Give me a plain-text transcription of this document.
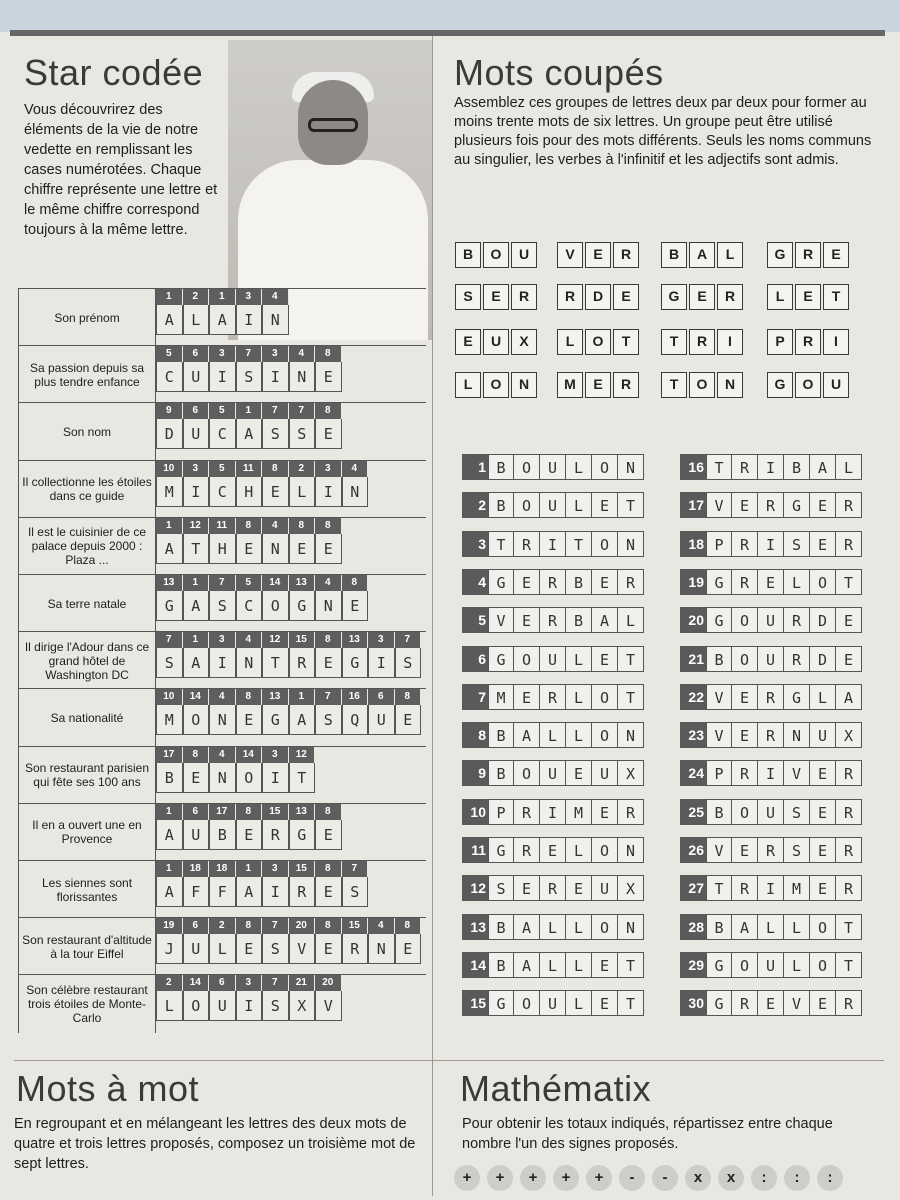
Star codée

Vous découvrirez des éléments de la vie de notre vedette en remplissant les cases numérotées. Chaque chiffre représente une lettre et le même chiffre correspond toujours à la même lettre.

Son prénom
1
A
2
L
1
A
3
I
4
N
Sa passion depuis sa plus tendre enfance
5
C
6
U
3
I
7
S
3
I
4
N
8
E
Son nom
9
D
6
U
5
C
1
A
7
S
7
S
8
E
Il collectionne les étoiles dans ce guide
10
M
3
I
5
C
11
H
8
E
2
L
3
I
4
N
Il est le cuisinier de ce palace depuis 2000 : Plaza ...
1
A
12
T
11
H
8
E
4
N
8
E
8
E
Sa terre natale
13
G
1
A
7
S
5
C
14
O
13
G
4
N
8
E
Il dirige l'Adour dans ce grand hôtel de Washington DC
7
S
1
A
3
I
4
N
12
T
15
R
8
E
13
G
3
I
7
S
Sa nationalité
10
M
14
O
4
N
8
E
13
G
1
A
7
S
16
Q
6
U
8
E
Son restaurant parisien qui fête ses 100 ans
17
B
8
E
4
N
14
O
3
I
12
T
Il en a ouvert une en Provence
1
A
6
U
17
B
8
E
15
R
13
G
8
E
Les siennes sont florissantes
1
A
18
F
18
F
1
A
3
I
15
R
8
E
7
S
Son restaurant d'altitude à la tour Eiffel
19
J
6
U
2
L
8
E
7
S
20
V
8
E
15
R
4
N
8
E
Son célèbre restaurant trois étoiles de Monte-Carlo
2
L
14
O
6
U
3
I
7
S
21
X
20
V
Mots coupés

Assemblez ces groupes de lettres deux par deux pour former au moins trente mots de six lettres. Un groupe peut être utilisé plusieurs fois pour des mots différents. Seuls les noms communs au singulier, les verbes à l'infinitif et les adjectifs sont admis.

B	O	U	V	E	R	B	A	L	G	R	E
S	E	R	R	D	E	G	E	R	L	E	T
E	U	X	L	O	T	T	R	I	P	R	I
L	O	N	M	E	R	T	O	N	G	O	U
1 B	O	U	L	O	N
2 B	O	U	L	E	T
3 T	R	I	T	O	N
4 G	E	R	B	E	R
5 V	E	R	B	A	L
6 G	O	U	L	E	T
7 M	E	R	L	O	T
8 B	A	L	L	O	N
9 B	O	U	E	U	X
10 P	R	I	M	E	R
11 G	R	E	L	O	N
12 S	E	R	E	U	X
13 B	A	L	L	O	N
14 B	A	L	L	E	T
15 G	O	U	L	E	T
16 T	R	I	B	A	L
17 V	E	R	G	E	R
18 P	R	I	S	E	R
19 G	R	E	L	O	T
20 G	O	U	R	D	E
21 B	O	U	R	D	E
22 V	E	R	G	L	A
23 V	E	R	N	U	X
24 P	R	I	V	E	R
25 B	O	U	S	E	R
26 V	E	R	S	E	R
27 T	R	I	M	E	R
28 B	A	L	L	O	T
29 G	O	U	L	O	T
30 G	R	E	V	E	R
Mots à mot

En regroupant et en mélangeant les lettres des deux mots de quatre et trois lettres proposés, composez un troisième mot de sept lettres.

Mathématix

Pour obtenir les totaux indiqués, répartissez entre chaque nombre l'un des signes proposés.

+	+	+	+	+	-	-	x	x	:	:	:
